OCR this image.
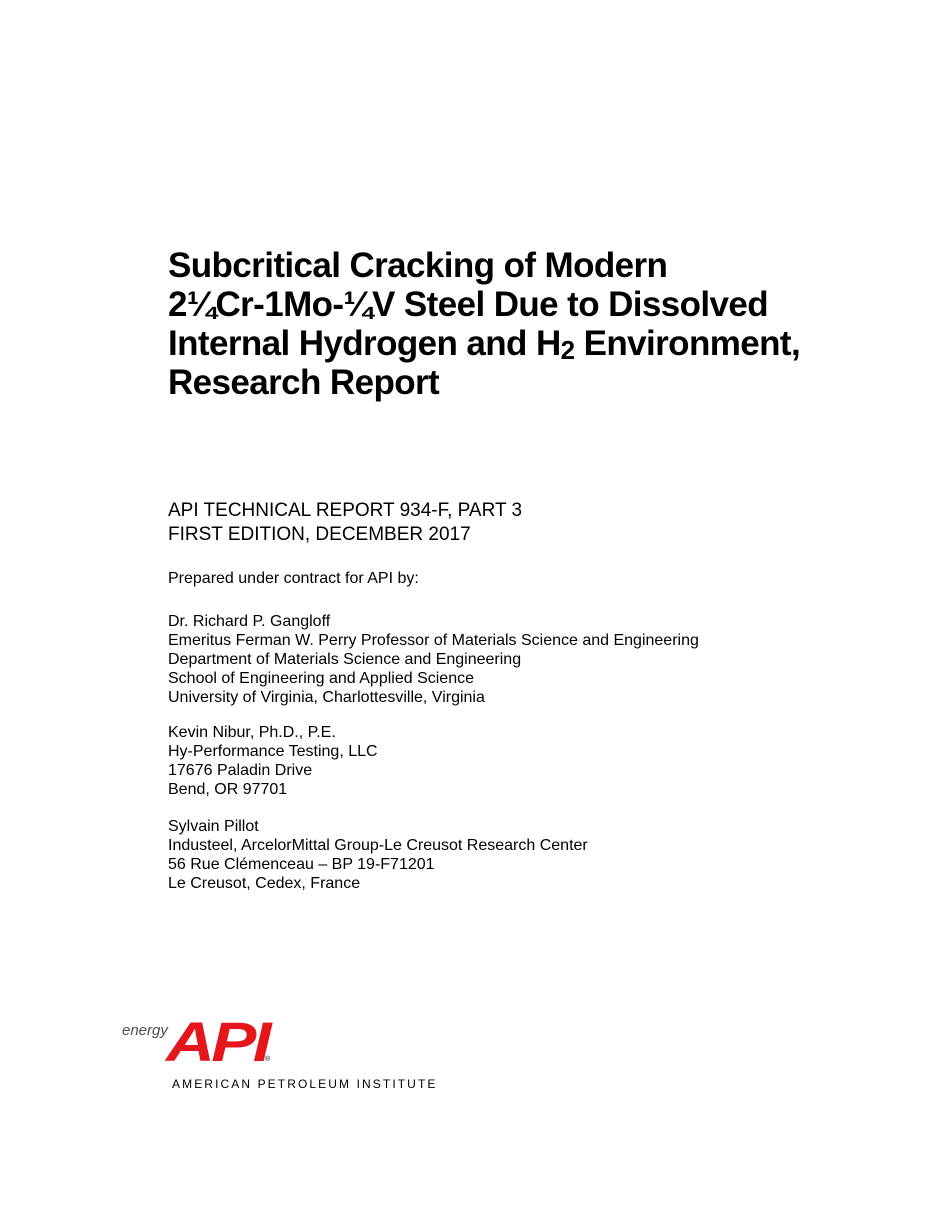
Subcritical Cracking of Modern
2¼Cr-1Mo-¼V Steel Due to Dissolved
Internal Hydrogen and $H_2$ Environment,
Research Report
API TECHNICAL REPORT 934-F, PART 3
FIRST EDITION, DECEMBER 2017
Prepared under contract for API by:
Dr. Richard P. Gangloff
Emeritus Ferman W. Perry Professor of Materials Science and Engineering
Department of Materials Science and Engineering
School of Engineering and Applied Science
University of Virginia, Charlottesville, Virginia
Kevin Nibur, Ph.D., P.E.
Hy-Performance Testing, LLC
17676 Paladin Drive
Bend, OR 97701
Sylvain Pillot
Industeel, ArcelorMittal Group-Le Creusot Research Center
56 Rue Clémenceau – BP 19-F71201
Le Creusot, Cedex, France
energy
API
®
AMERICAN PETROLEUM INSTITUTE
